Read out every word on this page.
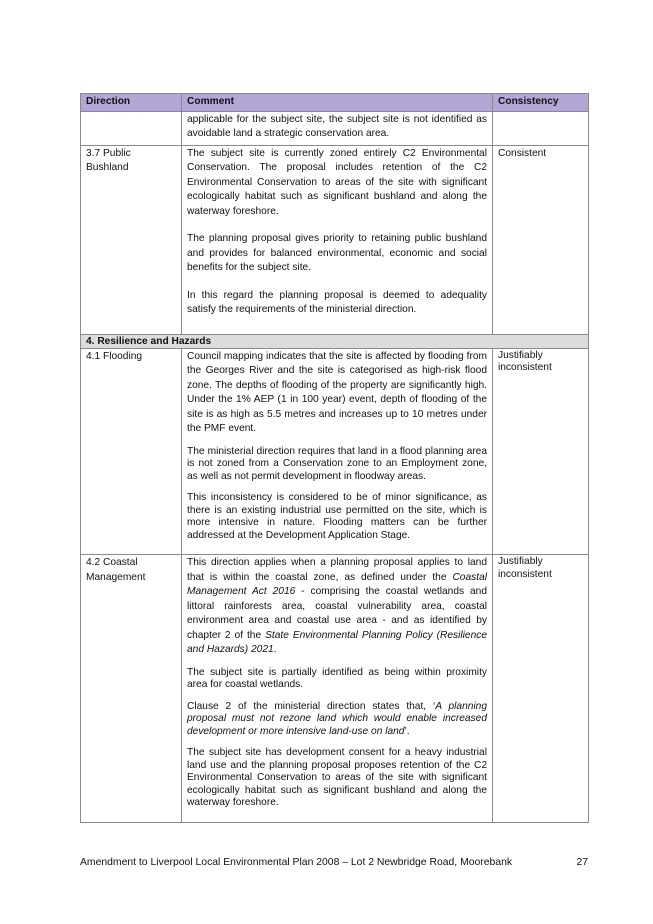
Direction	Comment	Consistency

	applicable for the subject site, the subject site is not identified as avoidable land a strategic conservation area.	

3.7 Public Bushland	The subject site is currently zoned entirely C2 Environmental Conservation. The proposal includes retention of the C2 Environmental Conservation to areas of the site with significant ecologically habitat such as significant bushland and along the waterway foreshore.

The planning proposal gives priority to retaining public bushland and provides for balanced environmental, economic and social benefits for the subject site.

In this regard the planning proposal is deemed to adequality satisfy the requirements of the ministerial direction.	Consistent
4. Resilience and Hazards		
4.1 Flooding	Council mapping indicates that the site is affected by flooding from the Georges River and the site is categorised as high-risk flood zone. The depths of flooding of the property are significantly high. Under the 1% AEP (1 in 100 year) event, depth of flooding of the site is as high as 5.5 metres and increases up to 10 metres under the PMF event.

The ministerial direction requires that land in a flood planning area is not zoned from a Conservation zone to an Employment zone, as well as not permit development in floodway areas.

This inconsistency is considered to be of minor significance, as there is an existing industrial use permitted on the site, which is more intensive in nature. Flooding matters can be further addressed at the Development Application Stage.	Justifiably inconsistent
4.2 Coastal Management	This direction applies when a planning proposal applies to land that is within the coastal zone, as defined under the Coastal Management Act 2016 - comprising the coastal wetlands and littoral rainforests area, coastal vulnerability area, coastal environment area and coastal use area - and as identified by chapter 2 of the State Environmental Planning Policy (Resilience and Hazards) 2021.

The subject site is partially identified as being within proximity area for coastal wetlands.

Clause 2 of the ministerial direction states that, ‘A planning proposal must not rezone land which would enable increased development or more intensive land-use on land’.

The subject site has development consent for a heavy industrial land use and the planning proposal proposes retention of the C2 Environmental Conservation to areas of the site with significant ecologically habitat such as significant bushland and along the waterway foreshore.	Justifiably inconsistent
Amendment to Liverpool Local Environmental Plan 2008 – Lot 2 Newbridge Road, Moorebank	27
